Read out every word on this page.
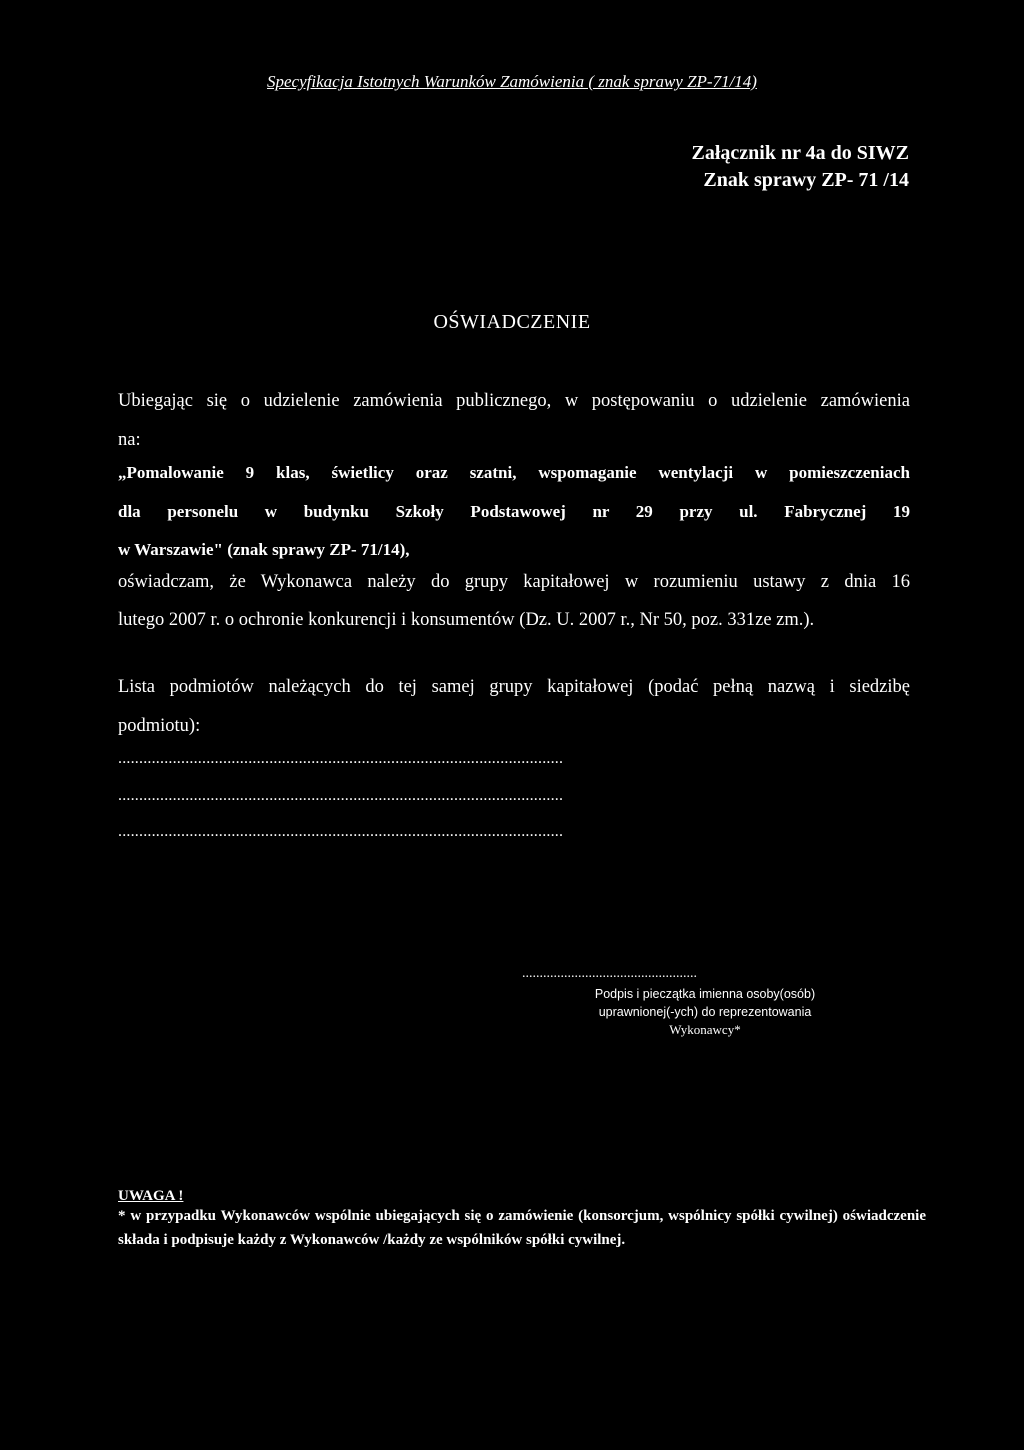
Specyfikacja Istotnych Warunków Zamówienia ( znak sprawy ZP-71/14)
Załącznik nr 4a do SIWZ
Znak sprawy ZP- 71 /14
OŚWIADCZENIE
Ubiegając się o udzielenie zamówienia publicznego, w postępowaniu o udzielenie zamówienia
na:
„Pomalowanie 9 klas, świetlicy oraz szatni, wspomaganie wentylacji w pomieszczeniach
dla personelu w budynku Szkoły Podstawowej nr 29 przy ul. Fabrycznej 19
w Warszawie" (znak sprawy ZP- 71/14),
oświadczam, że Wykonawca należy do grupy kapitałowej w rozumieniu ustawy z dnia 16
lutego 2007 r. o ochronie konkurencji i konsumentów (Dz. U. 2007 r., Nr 50, poz. 331ze zm.).
Lista podmiotów należących do tej samej grupy kapitałowej (podać pełną nazwą i siedzibę
podmiotu):
..........................................................................................................
..........................................................................................................
..........................................................................................................
..................................................
Podpis i pieczątka imienna osoby(osób)
uprawnionej(-ych) do reprezentowania
Wykonawcy*
UWAGA !
* w przypadku Wykonawców wspólnie ubiegających się o zamówienie (konsorcjum, wspólnicy spółki cywilnej) oświadczenie składa i podpisuje każdy z Wykonawców /każdy ze wspólników spółki cywilnej.
